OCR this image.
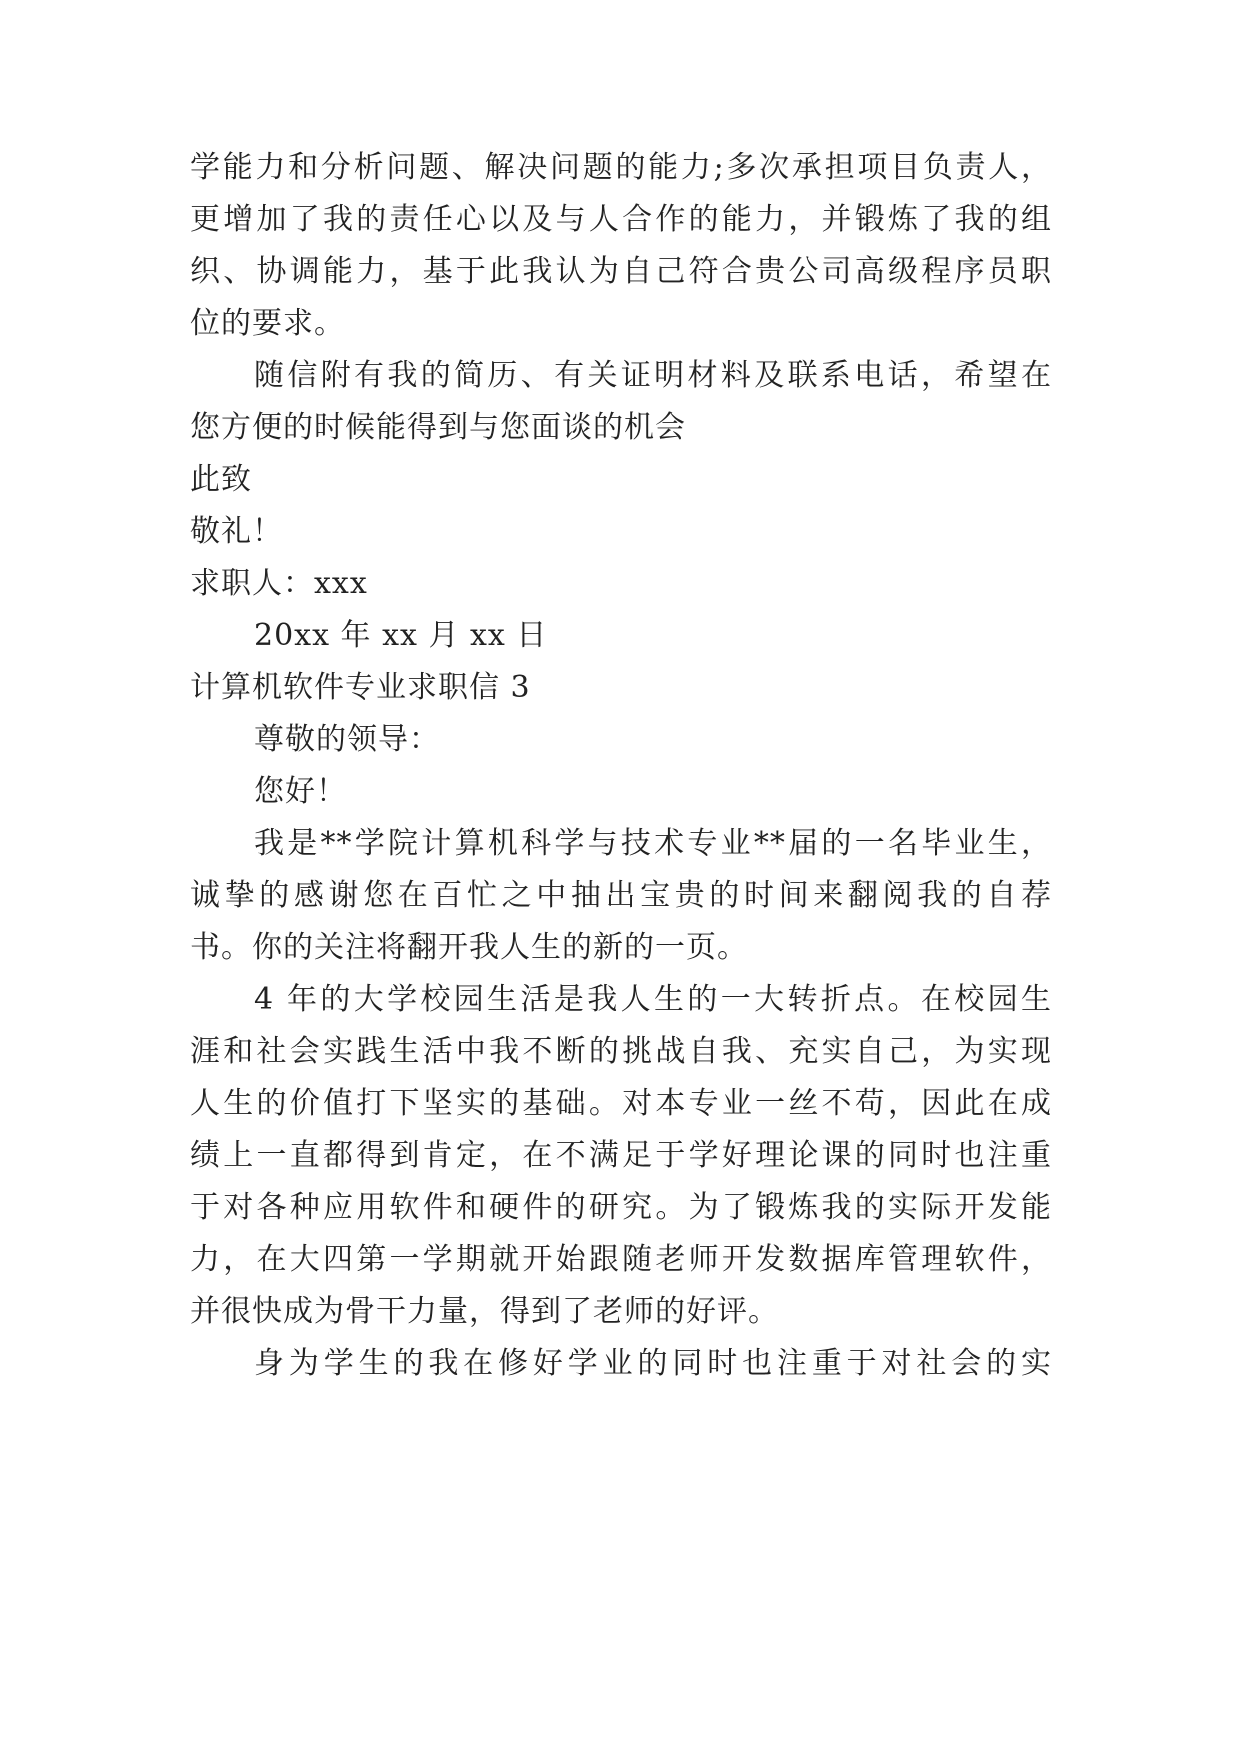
学能力和分析问题、解决问题的能力;多次承担项目负责人，
更增加了我的责任心以及与人合作的能力，并锻炼了我的组
织、协调能力，基于此我认为自己符合贵公司高级程序员职
位的要求。
随信附有我的简历、有关证明材料及联系电话，希望在
您方便的时候能得到与您面谈的机会
此致
敬礼！
求职人：xxx
20xx 年 xx 月 xx 日
计算机软件专业求职信 3
尊敬的领导：
您好！
我是**学院计算机科学与技术专业**届的一名毕业生，
诚挚的感谢您在百忙之中抽出宝贵的时间来翻阅我的自荐
书。你的关注将翻开我人生的新的一页。
4 年的大学校园生活是我人生的一大转折点。在校园生
涯和社会实践生活中我不断的挑战自我、充实自己，为实现
人生的价值打下坚实的基础。对本专业一丝不苟，因此在成
绩上一直都得到肯定，在不满足于学好理论课的同时也注重
于对各种应用软件和硬件的研究。为了锻炼我的实际开发能
力，在大四第一学期就开始跟随老师开发数据库管理软件，
并很快成为骨干力量，得到了老师的好评。
身为学生的我在修好学业的同时也注重于对社会的实
